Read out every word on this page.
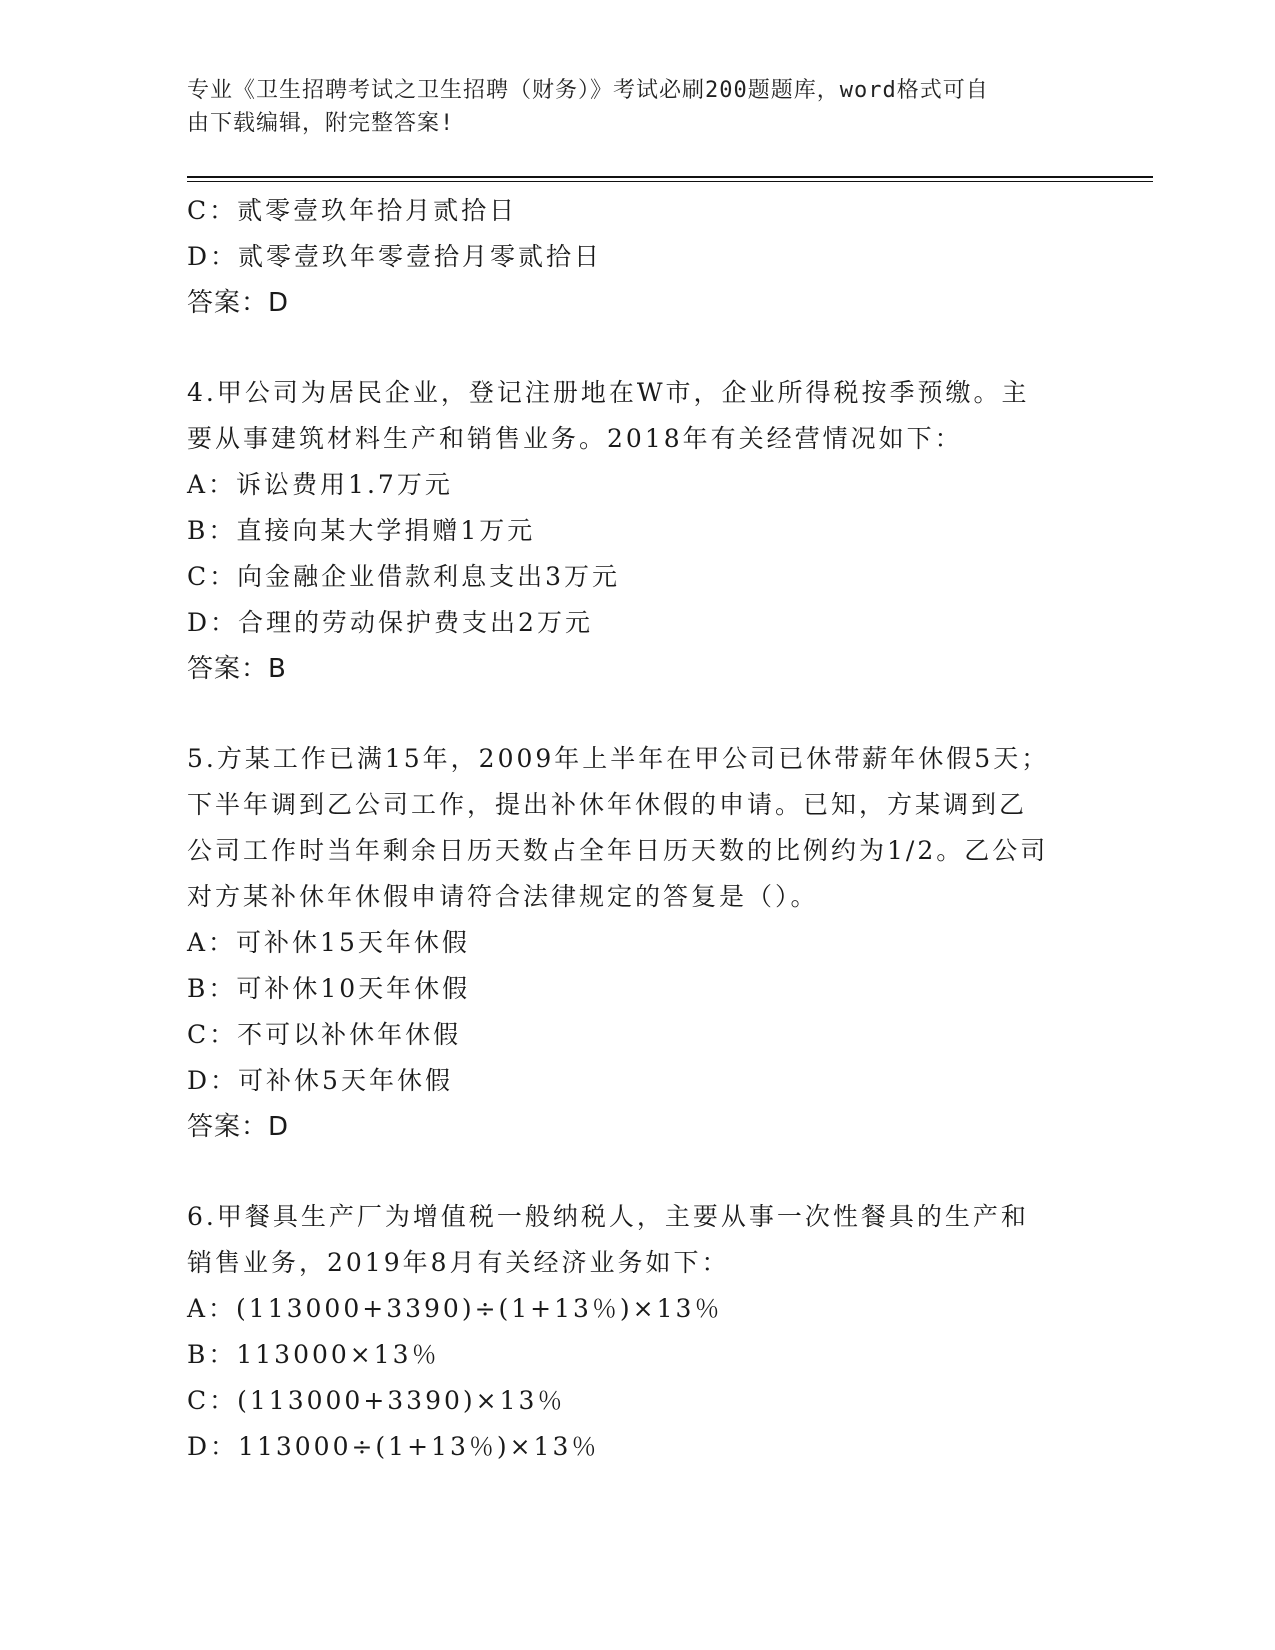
专业《卫生招聘考试之卫生招聘（财务）》考试必刷200题题库，word格式可自
由下载编辑，附完整答案!
C：贰零壹玖年拾月贰拾日
D：贰零壹玖年零壹拾月零贰拾日
答案：D
4.甲公司为居民企业，登记注册地在W市，企业所得税按季预缴。主
要从事建筑材料生产和销售业务。2018年有关经营情况如下：
A：诉讼费用1.7万元
B：直接向某大学捐赠1万元
C：向金融企业借款利息支出3万元
D：合理的劳动保护费支出2万元
答案：B
5.方某工作已满15年，2009年上半年在甲公司已休带薪年休假5天；
下半年调到乙公司工作，提出补休年休假的申请。已知，方某调到乙
公司工作时当年剩余日历天数占全年日历天数的比例约为1/2。乙公司
对方某补休年休假申请符合法律规定的答复是（）。
A：可补休15天年休假
B：可补休10天年休假
C：不可以补休年休假
D：可补休5天年休假
答案：D
6.甲餐具生产厂为增值税一般纳税人，主要从事一次性餐具的生产和
销售业务，2019年8月有关经济业务如下：
A：(113000+3390)÷(1+13％)×13％
B：113000×13％
C：(113000+3390)×13％
D：113000÷(1+13％)×13％
